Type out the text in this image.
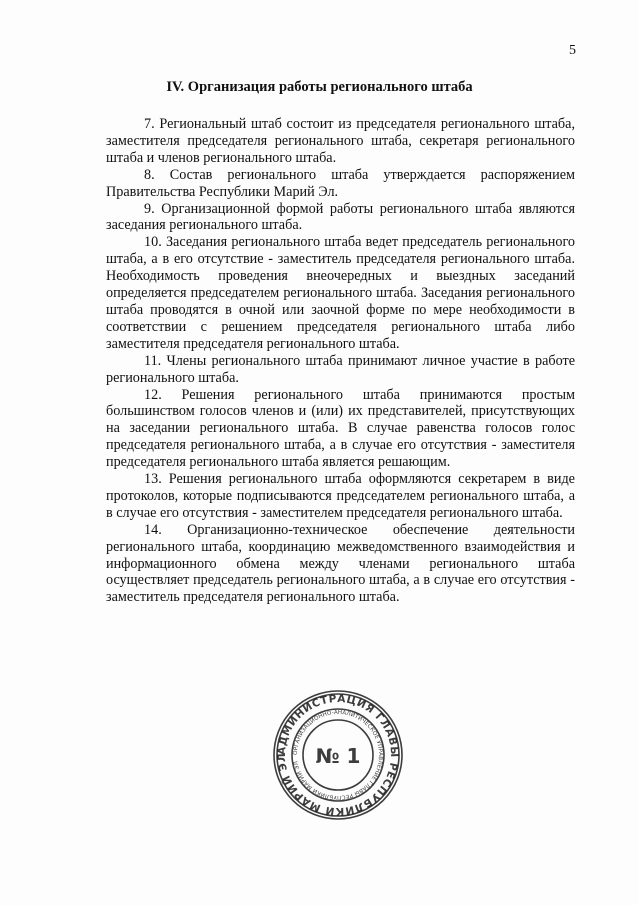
5
IV. Организация работы регионального штаба

7. Региональный штаб состоит из председателя регионального штаба, заместителя председателя регионального штаба, секретаря регионального штаба и членов регионального штаба.

8. Состав регионального штаба утверждается распоряжением Правительства Республики Марий Эл.

9. Организационной формой работы регионального штаба являются заседания регионального штаба.

10. Заседания регионального штаба ведет председатель регионального штаба, а в его отсутствие - заместитель председателя регионального штаба. Необходимость проведения внеочередных и выездных заседаний определяется председателем регионального штаба. Заседания регионального штаба проводятся в очной или заочной форме по мере необходимости в соответствии с решением председателя регионального штаба либо заместителя председателя регионального штаба.

11. Члены регионального штаба принимают личное участие в работе регионального штаба.

12. Решения регионального штаба принимаются простым большинством голосов членов и (или) их представителей, присутствующих на заседании регионального штаба. В случае равенства голосов голос председателя регионального штаба, а в случае его отсутствия - заместителя председателя регионального штаба является решающим.

13. Решения регионального штаба оформляются секретарем в виде протоколов, которые подписываются председателем регионального штаба, а в случае его отсутствия - заместителем председателя регионального штаба.

14. Организационно-техническое обеспечение деятельности регионального штаба, координацию межведомственного взаимодействия и информационного обмена между членами регионального штаба осуществляет председатель регионального штаба, а в случае его отсутствия - заместитель председателя регионального штаба.

АДМИНИСТРАЦИЯ ГЛАВЫ РЕСПУБЛИКИ МАРИЙ ЭЛ ОРГАНИЗАЦИОННО-АНАЛИТИЧЕСКОЕ УПРАВЛЕНИЕ ГЛАВЫ РЕСПУБЛИКИ МАРИЙ ЭЛ № 1
